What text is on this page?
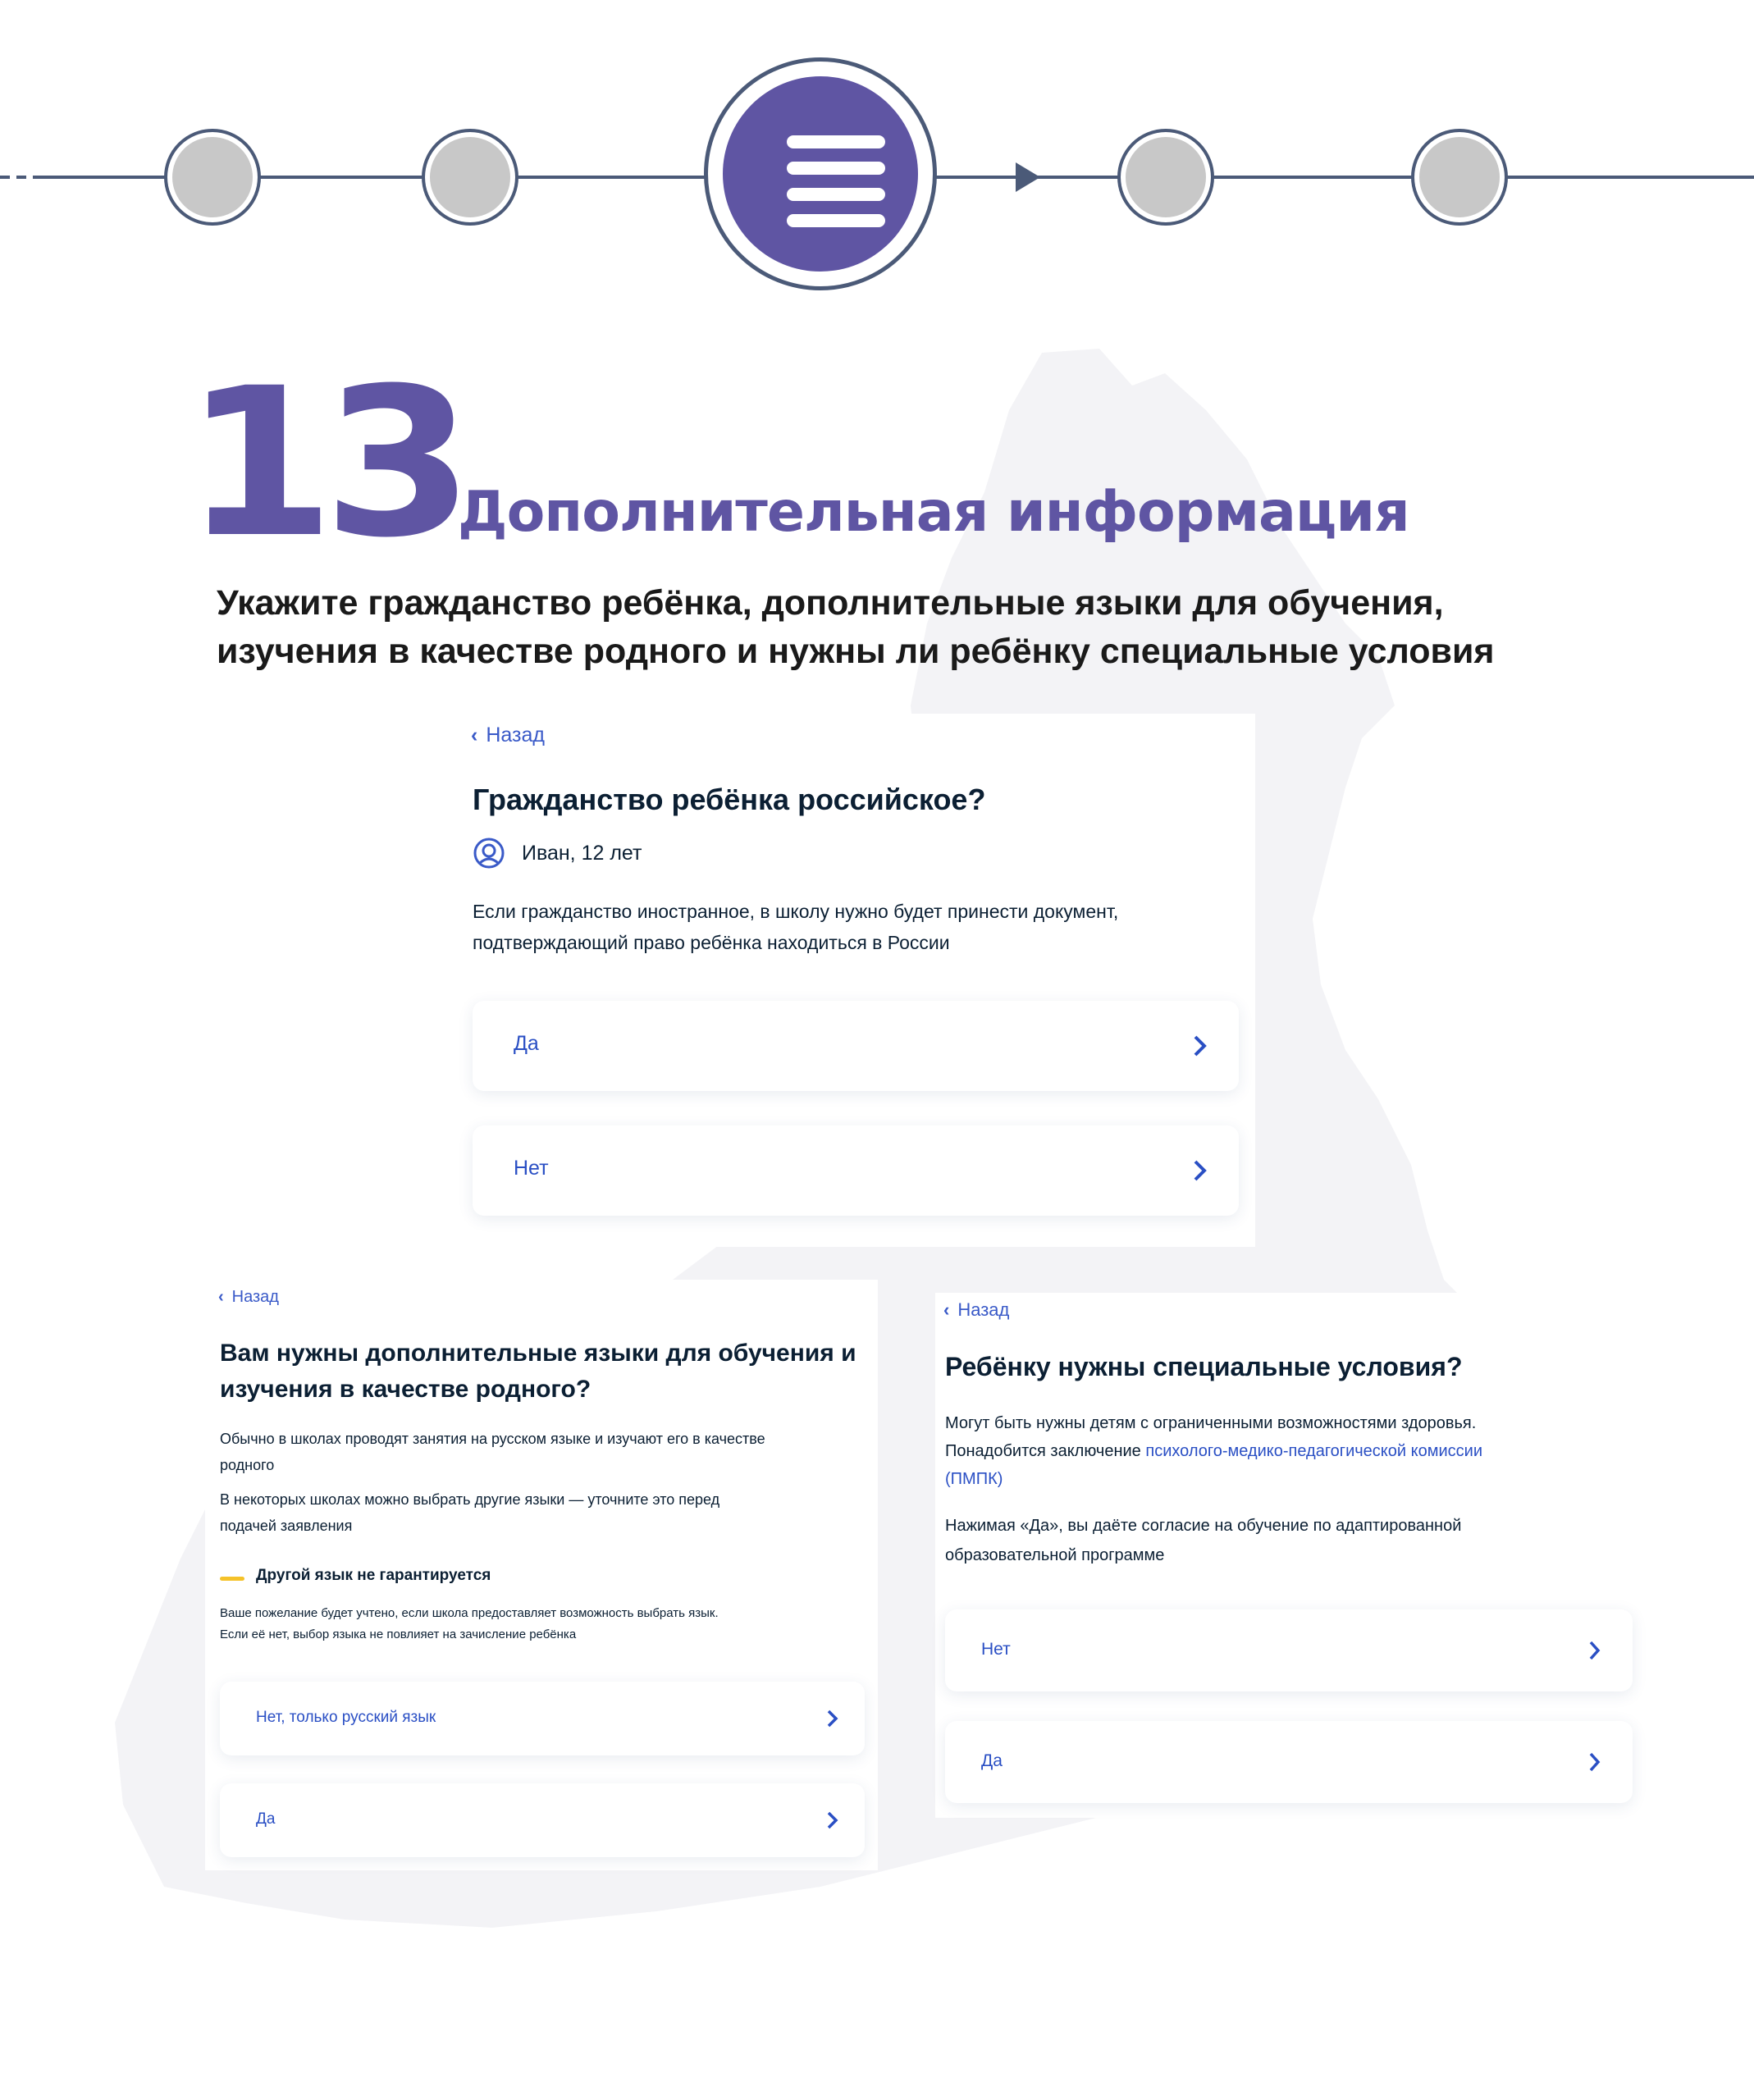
13
Дополнительная информация
Укажите гражданство ребёнка, дополнительные языки для обучения,
изучения в качестве родного и нужны ли ребёнку специальные условия
‹ Назад
Гражданство ребёнка российское?
Иван, 12 лет
Если гражданство иностранное, в школу нужно будет принести документ,
подтверждающий право ребёнка находиться в России
Да
Нет
‹ Назад
Вам нужны дополнительные языки для обучения и
изучения в качестве родного?
Обычно в школах проводят занятия на русском языке и изучают его в качестве
родного
В некоторых школах можно выбрать другие языки — уточните это перед
подачей заявления
Другой язык не гарантируется
Ваше пожелание будет учтено, если школа предоставляет возможность выбрать язык.
Если её нет, выбор языка не повлияет на зачисление ребёнка
Нет, только русский язык
Да
‹ Назад
Ребёнку нужны специальные условия?
Могут быть нужны детям с ограниченными возможностями здоровья.
Понадобится заключение психолого-медико-педагогической комиссии
(ПМПК)
Нажимая «Да», вы даёте согласие на обучение по адаптированной
образовательной программе
Нет
Да
